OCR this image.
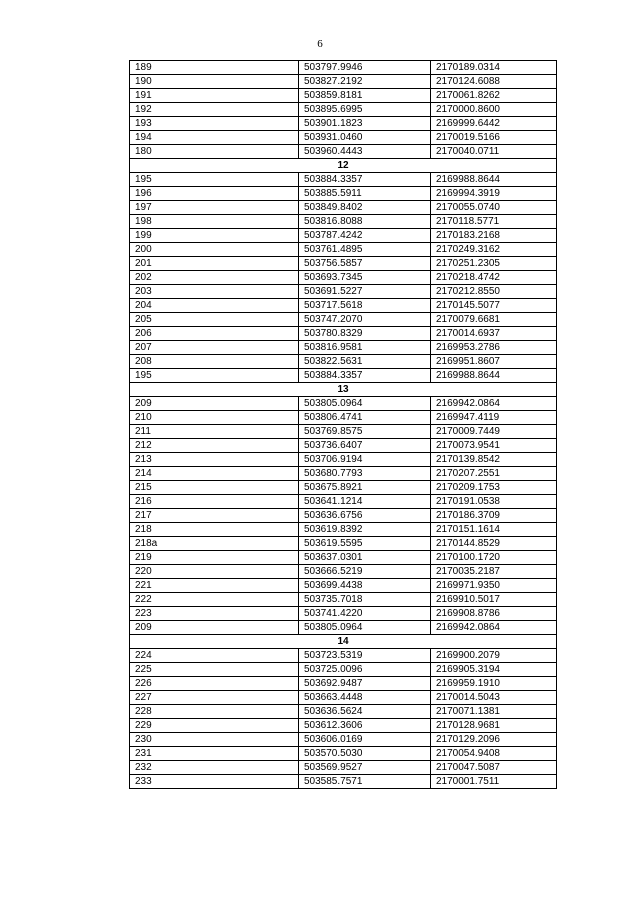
6
189	503797.9946	2170189.0314
190	503827.2192	2170124.6088
191	503859.8181	2170061.8262
192	503895.6995	2170000.8600
193	503901.1823	2169999.6442
194	503931.0460	2170019.5166
180	503960.4443	2170040.0711
12		
195	503884.3357	2169988.8644
196	503885.5911	2169994.3919
197	503849.8402	2170055.0740
198	503816.8088	2170118.5771
199	503787.4242	2170183.2168
200	503761.4895	2170249.3162
201	503756.5857	2170251.2305
202	503693.7345	2170218.4742
203	503691.5227	2170212.8550
204	503717.5618	2170145.5077
205	503747.2070	2170079.6681
206	503780.8329	2170014.6937
207	503816.9581	2169953.2786
208	503822.5631	2169951.8607
195	503884.3357	2169988.8644
13		
209	503805.0964	2169942.0864
210	503806.4741	2169947.4119
211	503769.8575	2170009.7449
212	503736.6407	2170073.9541
213	503706.9194	2170139.8542
214	503680.7793	2170207.2551
215	503675.8921	2170209.1753
216	503641.1214	2170191.0538
217	503636.6756	2170186.3709
218	503619.8392	2170151.1614
218a	503619.5595	2170144.8529
219	503637.0301	2170100.1720
220	503666.5219	2170035.2187
221	503699.4438	2169971.9350
222	503735.7018	2169910.5017
223	503741.4220	2169908.8786
209	503805.0964	2169942.0864
14		
224	503723.5319	2169900.2079
225	503725.0096	2169905.3194
226	503692.9487	2169959.1910
227	503663.4448	2170014.5043
228	503636.5624	2170071.1381
229	503612.3606	2170128.9681
230	503606.0169	2170129.2096
231	503570.5030	2170054.9408
232	503569.9527	2170047.5087
233	503585.7571	2170001.7511
